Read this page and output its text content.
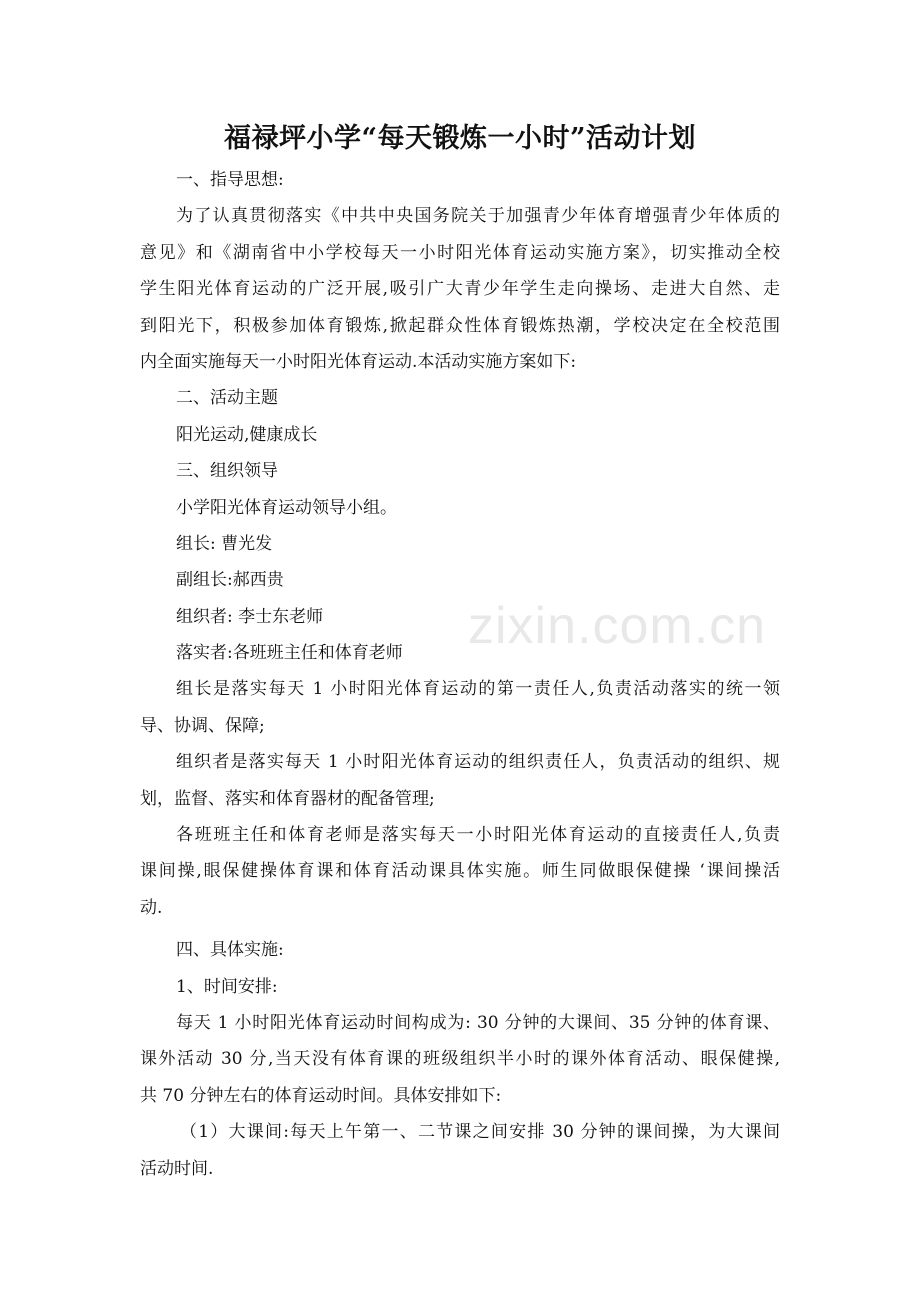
福禄坪小学“每天锻炼一小时”活动计划
一、指导思想:
为了认真贯彻落实《中共中央国务院关于加强青少年体育增强青少年体质的
意见》和《湖南省中小学校每天一小时阳光体育运动实施方案》，切实推动全校
学生阳光体育运动的广泛开展,吸引广大青少年学生走向操场、走进大自然、走
到阳光下，积极参加体育锻炼,掀起群众性体育锻炼热潮，学校决定在全校范围
内全面实施每天一小时阳光体育运动.本活动实施方案如下:
二、活动主题
阳光运动,健康成长
三、组织领导
小学阳光体育运动领导小组。
组长: 曹光发
副组长:郝西贵
组织者: 李士东老师
落实者:各班班主任和体育老师
组长是落实每天 1 小时阳光体育运动的第一责任人,负责活动落实的统一领
导、协调、保障;
组织者是落实每天 1 小时阳光体育运动的组织责任人，负责活动的组织、规
划，监督、落实和体育器材的配备管理;
各班班主任和体育老师是落实每天一小时阳光体育运动的直接责任人,负责
课间操,眼保健操体育课和体育活动课具体实施。师生同做眼保健操 ‘课间操活
动.
四、具体实施:
1、时间安排:
每天 1 小时阳光体育运动时间构成为: 30 分钟的大课间、35 分钟的体育课、
课外活动 30 分,当天没有体育课的班级组织半小时的课外体育活动、眼保健操,
共 70 分钟左右的体育运动时间。具体安排如下:
（1）大课间:每天上午第一、二节课之间安排 30 分钟的课间操，为大课间
活动时间.
zixin.com.cn
